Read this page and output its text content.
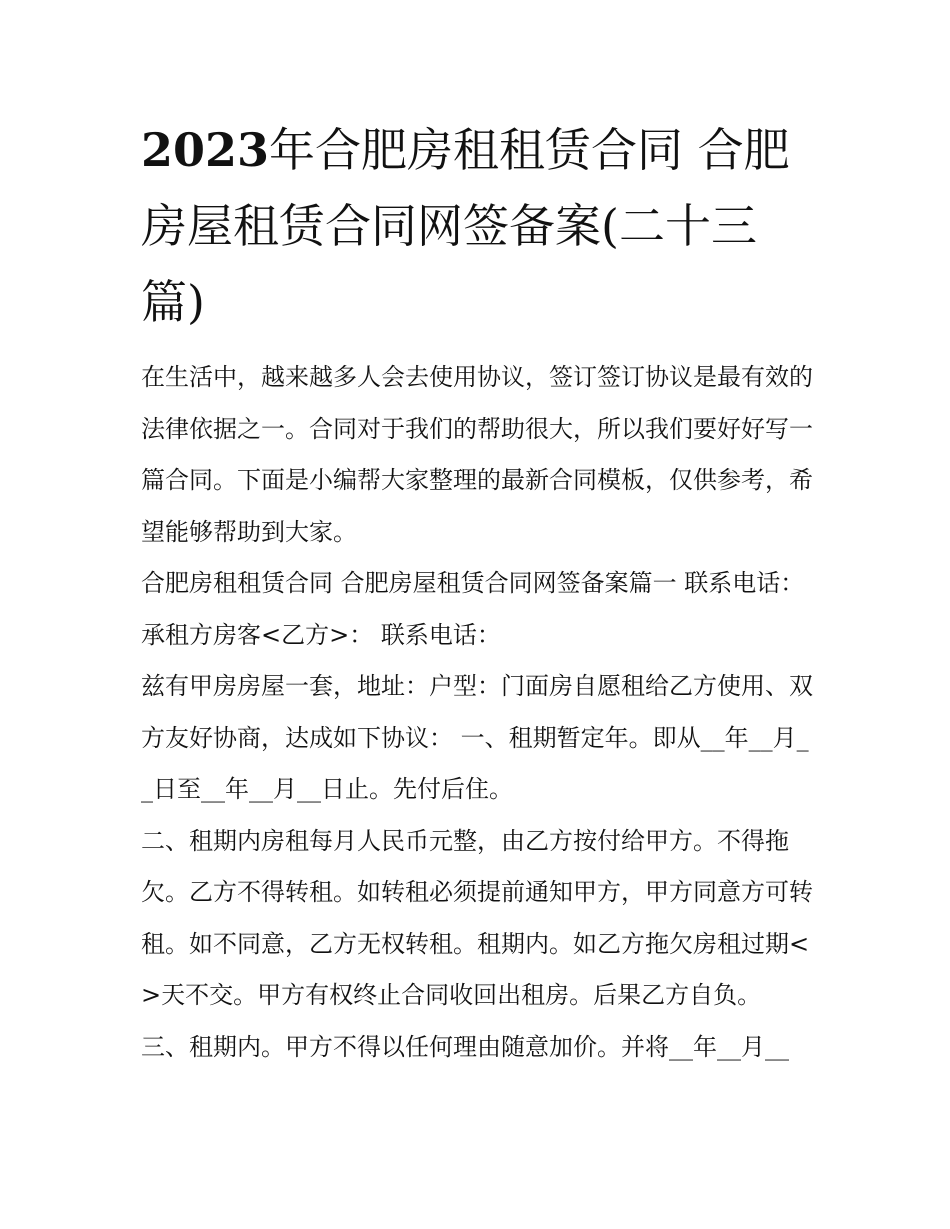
2023年合肥房租租赁合同 合肥房屋租赁合同网签备案(二十三篇)

在生活中，越来越多人会去使用协议，签订签订协议是最有效的法律依据之一。合同对于我们的帮助很大，所以我们要好好写一篇合同。下面是小编帮大家整理的最新合同模板，仅供参考，希望能够帮助到大家。

合肥房租租赁合同 合肥房屋租赁合同网签备案篇一 联系电话： 承租方房客<乙方>： 联系电话：

兹有甲房房屋一套，地址：户型：门面房自愿租给乙方使用、双方友好协商，达成如下协议： 一、租期暂定年。即从__年__月__日至__年__月__日止。先付后住。

二、租期内房租每月人民币元整，由乙方按付给甲方。不得拖欠。乙方不得转租。如转租必须提前通知甲方，甲方同意方可转租。如不同意，乙方无权转租。租期内。如乙方拖欠房租过期<>天不交。甲方有权终止合同收回出租房。后果乙方自负。

三、租期内。甲方不得以任何理由随意加价。并将__年__月__
